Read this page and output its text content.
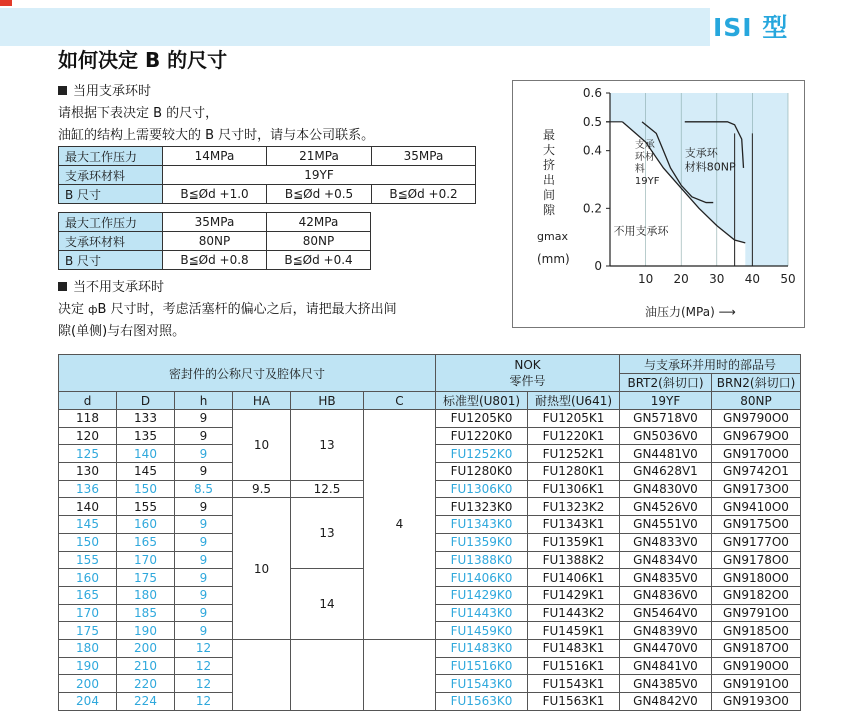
ISI 型
如何决定 B 的尺寸
当用支承环时
请根据下表决定 B 的尺寸，
油缸的结构上需要较大的 B 尺寸时，请与本公司联系。
最大工作压力	14MPa	21MPa	35MPa
支承环材料	19YF		
B 尺寸	B≦Ød +1.0	B≦Ød +0.5	B≦Ød +0.2
最大工作压力	35MPa	42MPa
支承环材料	80NP	80NP
B 尺寸	B≦Ød +0.8	B≦Ød +0.4
当不用支承环时
决定 фB 尺寸时，考虑活塞杆的偏心之后，请把最大挤出间
隙(单侧)与右图对照。
10 20 30 40 50
0
0.2
0.4
0.5
0.6
最
大
挤
出
间
隙
gmax
(mm)
油压力(MPa) ⟶
支承
环材
料
19YF
支承环
材料80NP
不用支承环
密封件的公称尺寸及腔体尺寸						NOK
零件号		与支承环并用时的部品号	
								BRT2(斜切口)	BRN2(斜切口)
d	D	h	HA	HB	C	标准型(U801)	耐热型(U641)	19YF	80NP
118	133	9	10	13	4	FU1205K0	FU1205K1	GN5718V0	GN9790O0
120	135	9				FU1220K0	FU1220K1	GN5036V0	GN9679O0
125	140	9				FU1252K0	FU1252K1	GN4481V0	GN9170O0
130	145	9				FU1280K0	FU1280K1	GN4628V1	GN9742O1
136	150	8.5	9.5	12.5		FU1306K0	FU1306K1	GN4830V0	GN9173O0
140	155	9	10	13		FU1323K0	FU1323K2	GN4526V0	GN9410O0
145	160	9				FU1343K0	FU1343K1	GN4551V0	GN9175O0
150	165	9				FU1359K0	FU1359K1	GN4833V0	GN9177O0
155	170	9				FU1388K0	FU1388K2	GN4834V0	GN9178O0
160	175	9		14		FU1406K0	FU1406K1	GN4835V0	GN9180O0
165	180	9				FU1429K0	FU1429K1	GN4836V0	GN9182O0
170	185	9				FU1443K0	FU1443K2	GN5464V0	GN9791O0
175	190	9				FU1459K0	FU1459K1	GN4839V0	GN9185O0
180	200	12				FU1483K0	FU1483K1	GN4470V0	GN9187O0
190	210	12				FU1516K0	FU1516K1	GN4841V0	GN9190O0
200	220	12				FU1543K0	FU1543K1	GN4385V0	GN9191O0
204	224	12				FU1563K0	FU1563K1	GN4842V0	GN9193O0
